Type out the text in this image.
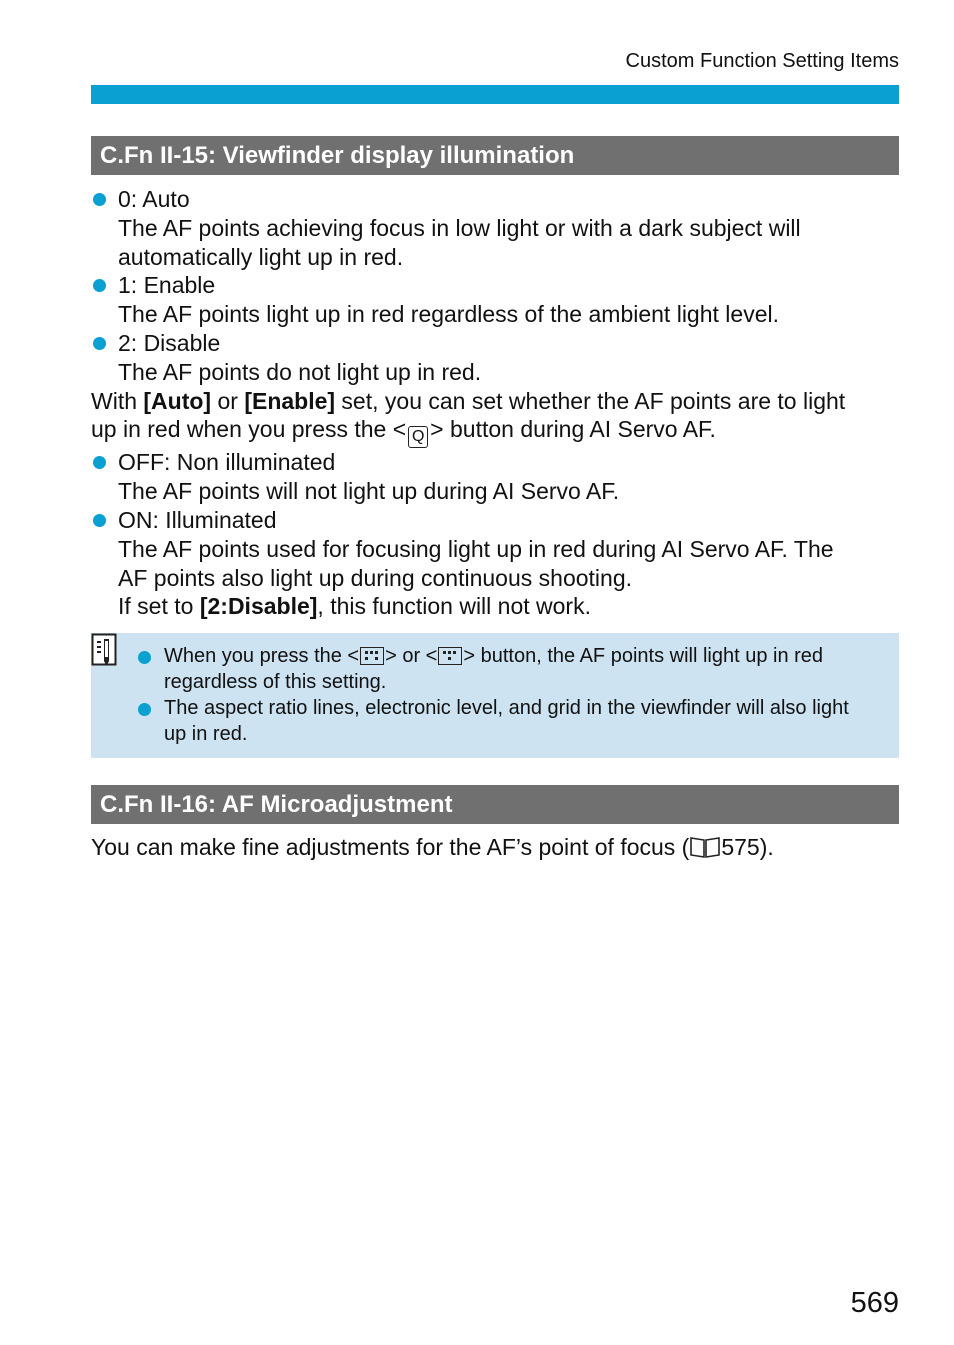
Custom Function Setting Items
C.Fn II-15: Viewfinder display illumination
0: Auto
The AF points achieving focus in low light or with a dark subject will
automatically light up in red.
1: Enable
The AF points light up in red regardless of the ambient light level.
2: Disable
The AF points do not light up in red.
With [Auto] or [Enable] set, you can set whether the AF points are to light
up in red when you press the < Q > button during AI Servo AF.
OFF: Non illuminated
The AF points will not light up during AI Servo AF.
ON: Illuminated
The AF points used for focusing light up in red during AI Servo AF. The
AF points also light up during continuous shooting.
If set to [2:Disable], this function will not work.
When you press the < > or < > button, the AF points will light up in red
regardless of this setting.
The aspect ratio lines, electronic level, and grid in the viewfinder will also light
up in red.
C.Fn II-16: AF Microadjustment
You can make fine adjustments for the AF’s point of focus ( 575).
569
